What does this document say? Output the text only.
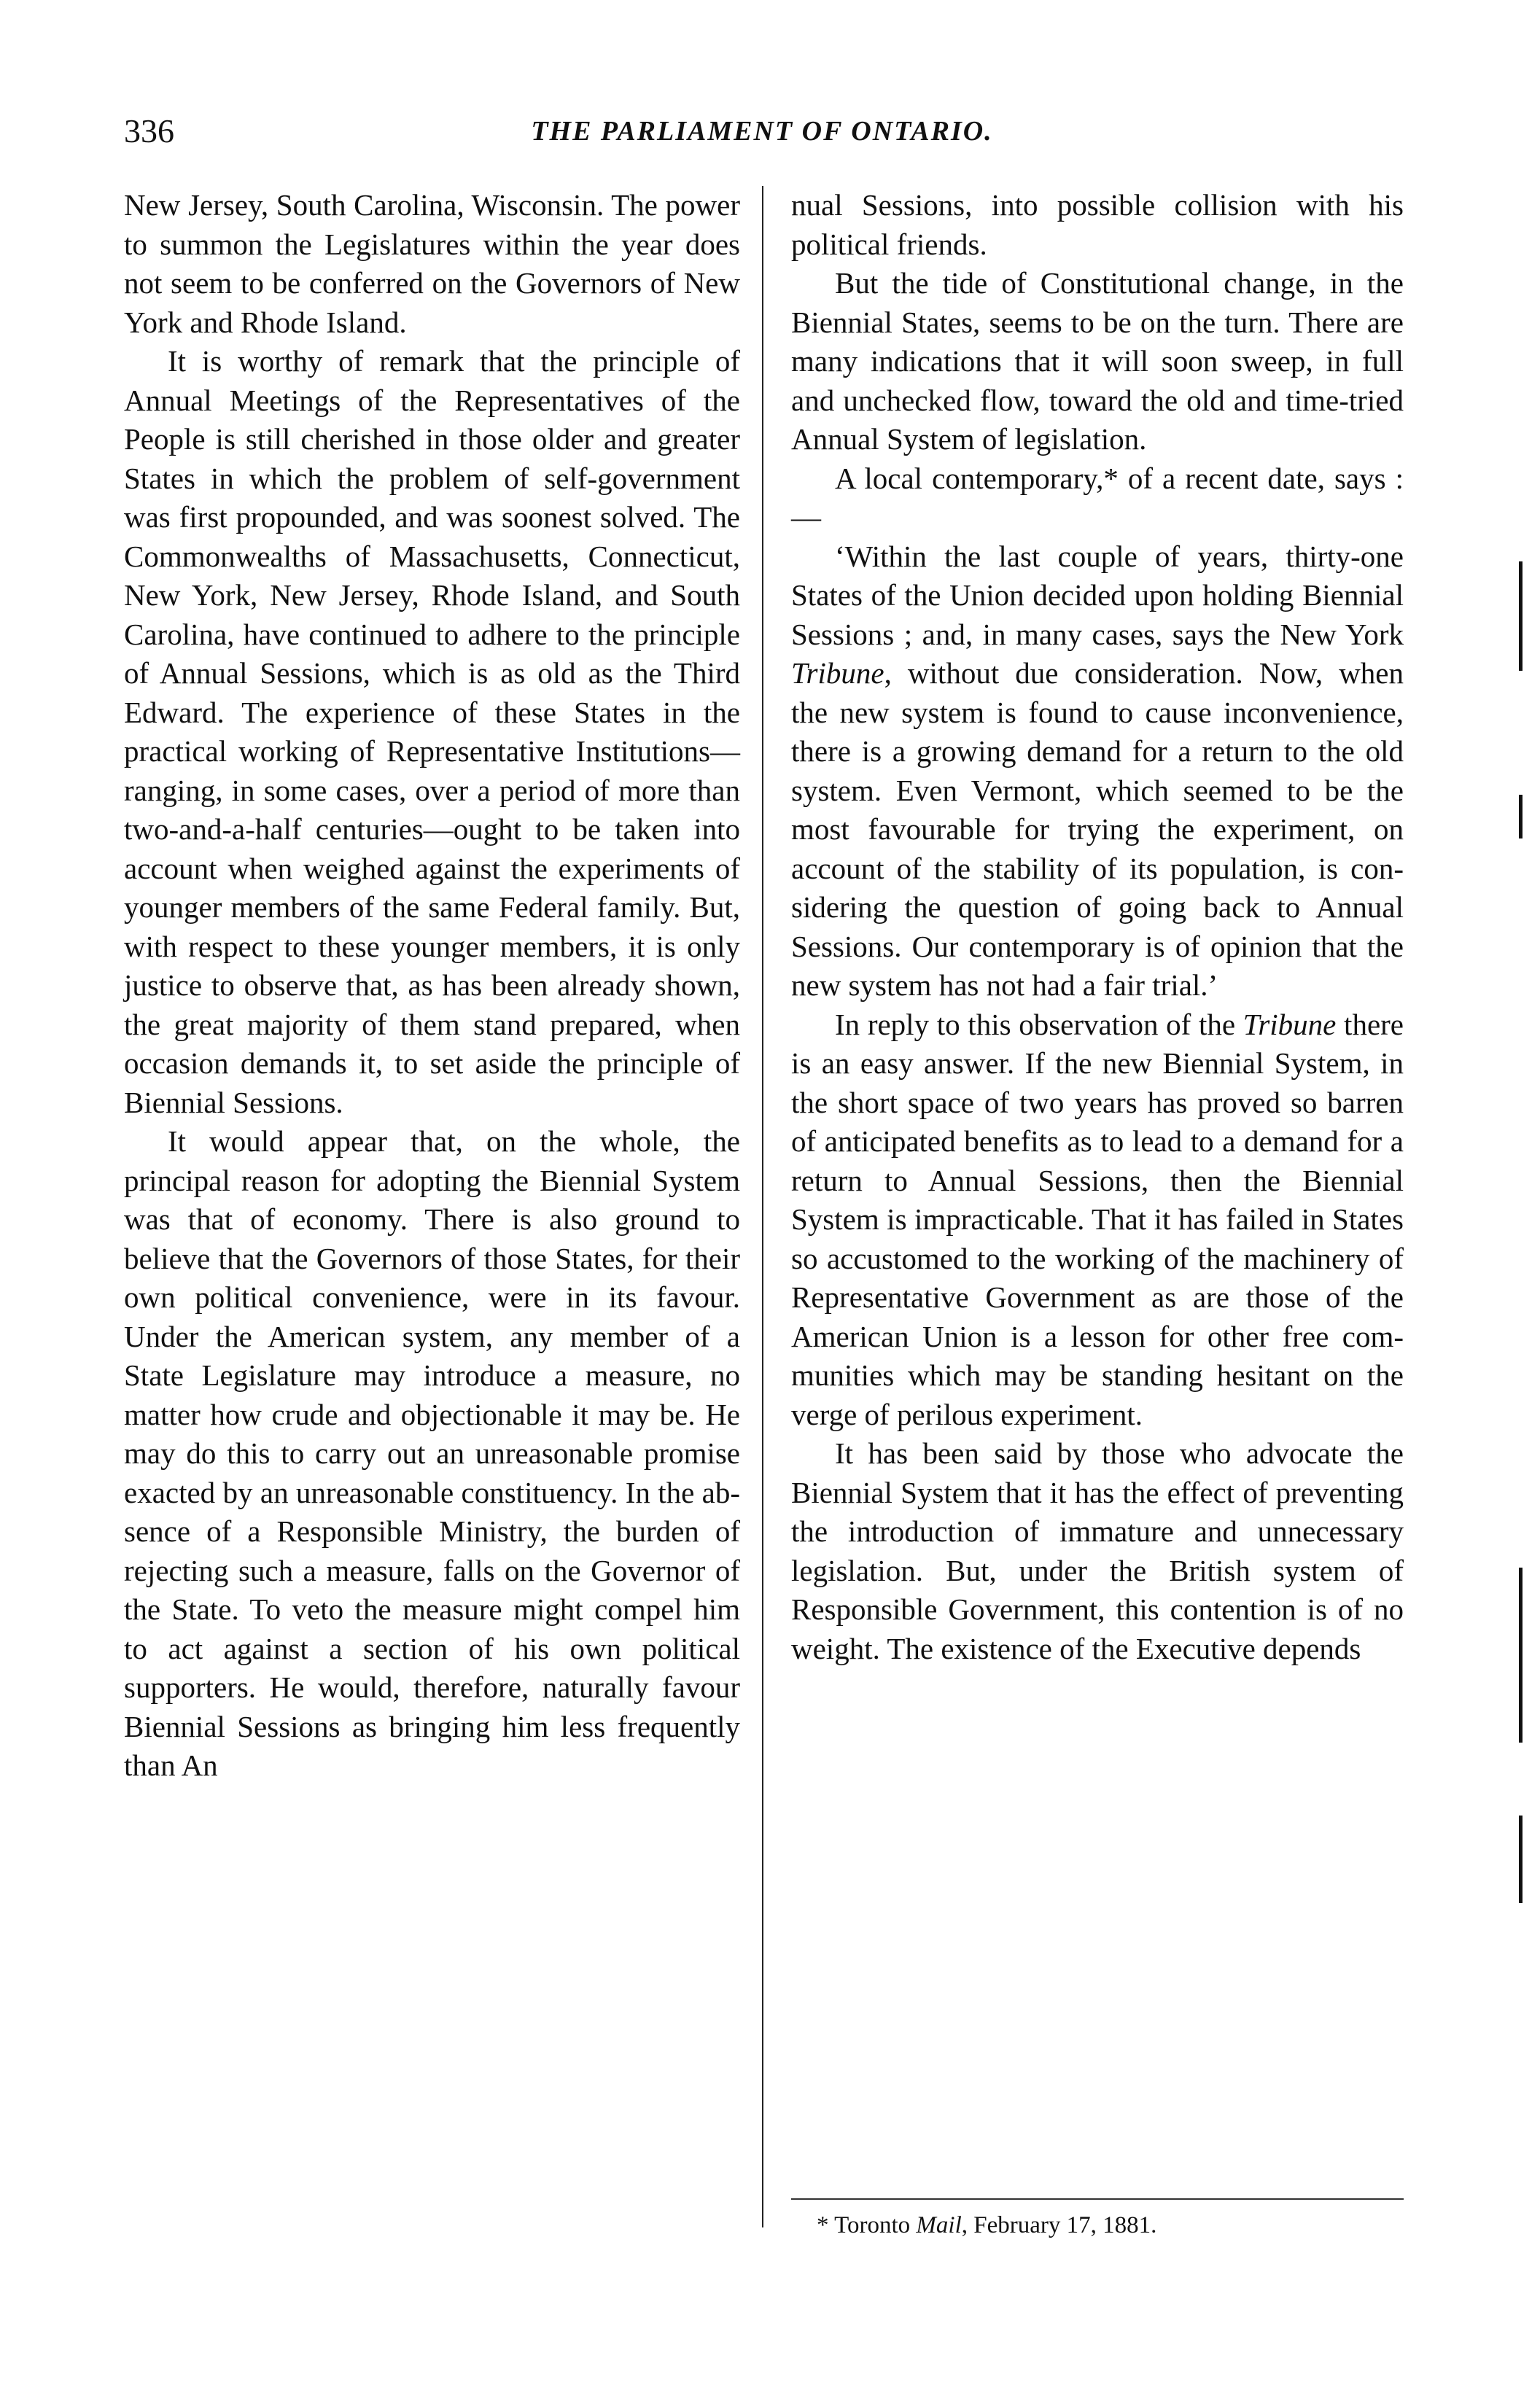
336	THE PARLIAMENT OF ONTARIO.

New Jersey, South Carolina, Wisconsin. The power to summon the Legislatures within the year does not seem to be conferred on the Governors of New York and Rhode Island.

It is worthy of remark that the principle of Annual Meetings of the Representatives of the People is still cherished in those older and greater States in which the problem of self-government was first propounded, and was soonest solved. The Commonwealths of Massachusetts, Connecticut, New York, New Jersey, Rhode Island, and South Carolina, have continued to adhere to the principle of Annual Sessions, which is as old as the Third Edward. The experience of these States in the practical working of Representative Institutions—ranging, in some cases, over a period of more than two-and-a-half centuries—ought to be taken into account when weighed against the experiments of younger members of the same Federal family. But, with respect to these younger members, it is only justice to observe that, as has been already shown, the great majority of them stand prepared, when occasion demands it, to set aside the principle of Biennial Sessions.

It would appear that, on the whole, the principal reason for adopting the Biennial System was that of economy. There is also ground to believe that the Governors of those States, for their own political convenience, were in its favour. Under the American system, any member of a State Legislature may introduce a measure, no matter how crude and objectionable it may be. He may do this to carry out an unreasonable promise exacted by an unreasonable constituency. In the absence of a Responsible Ministry, the burden of rejecting such a measure, falls on the Governor of the State. To veto the measure might compel him to act against a section of his own political supporters. He would, therefore, naturally favour Biennial Sessions as bringing him less frequently than An

nual Sessions, into possible collision with his political friends.

But the tide of Constitutional change, in the Biennial States, seems to be on the turn. There are many indications that it will soon sweep, in full and unchecked flow, toward the old and time-tried Annual System of legislation.

A local contemporary,* of a recent date, says :—

‘Within the last couple of years, thirty-one States of the Union decided upon holding Biennial Sessions ; and, in many cases, says the New York Tribune, without due consideration. Now, when the new system is found to cause inconvenience, there is a growing demand for a return to the old system. Even Vermont, which seemed to be the most favourable for trying the experiment, on account of the stability of its population, is considering the question of going back to Annual Sessions. Our contemporary is of opinion that the new system has not had a fair trial.’

In reply to this observation of the Tribune there is an easy answer. If the new Biennial System, in the short space of two years has proved so barren of anticipated benefits as to lead to a demand for a return to Annual Sessions, then the Biennial System is impracticable. That it has failed in States so accustomed to the working of the machinery of Representative Government as are those of the American Union is a lesson for other free communities which may be standing hesitant on the verge of perilous experiment.

It has been said by those who advocate the Biennial System that it has the effect of preventing the introduction of immature and unnecessary legislation. But, under the British system of Responsible Government, this contention is of no weight. The existence of the Executive depends

* Toronto Mail, February 17, 1881.
